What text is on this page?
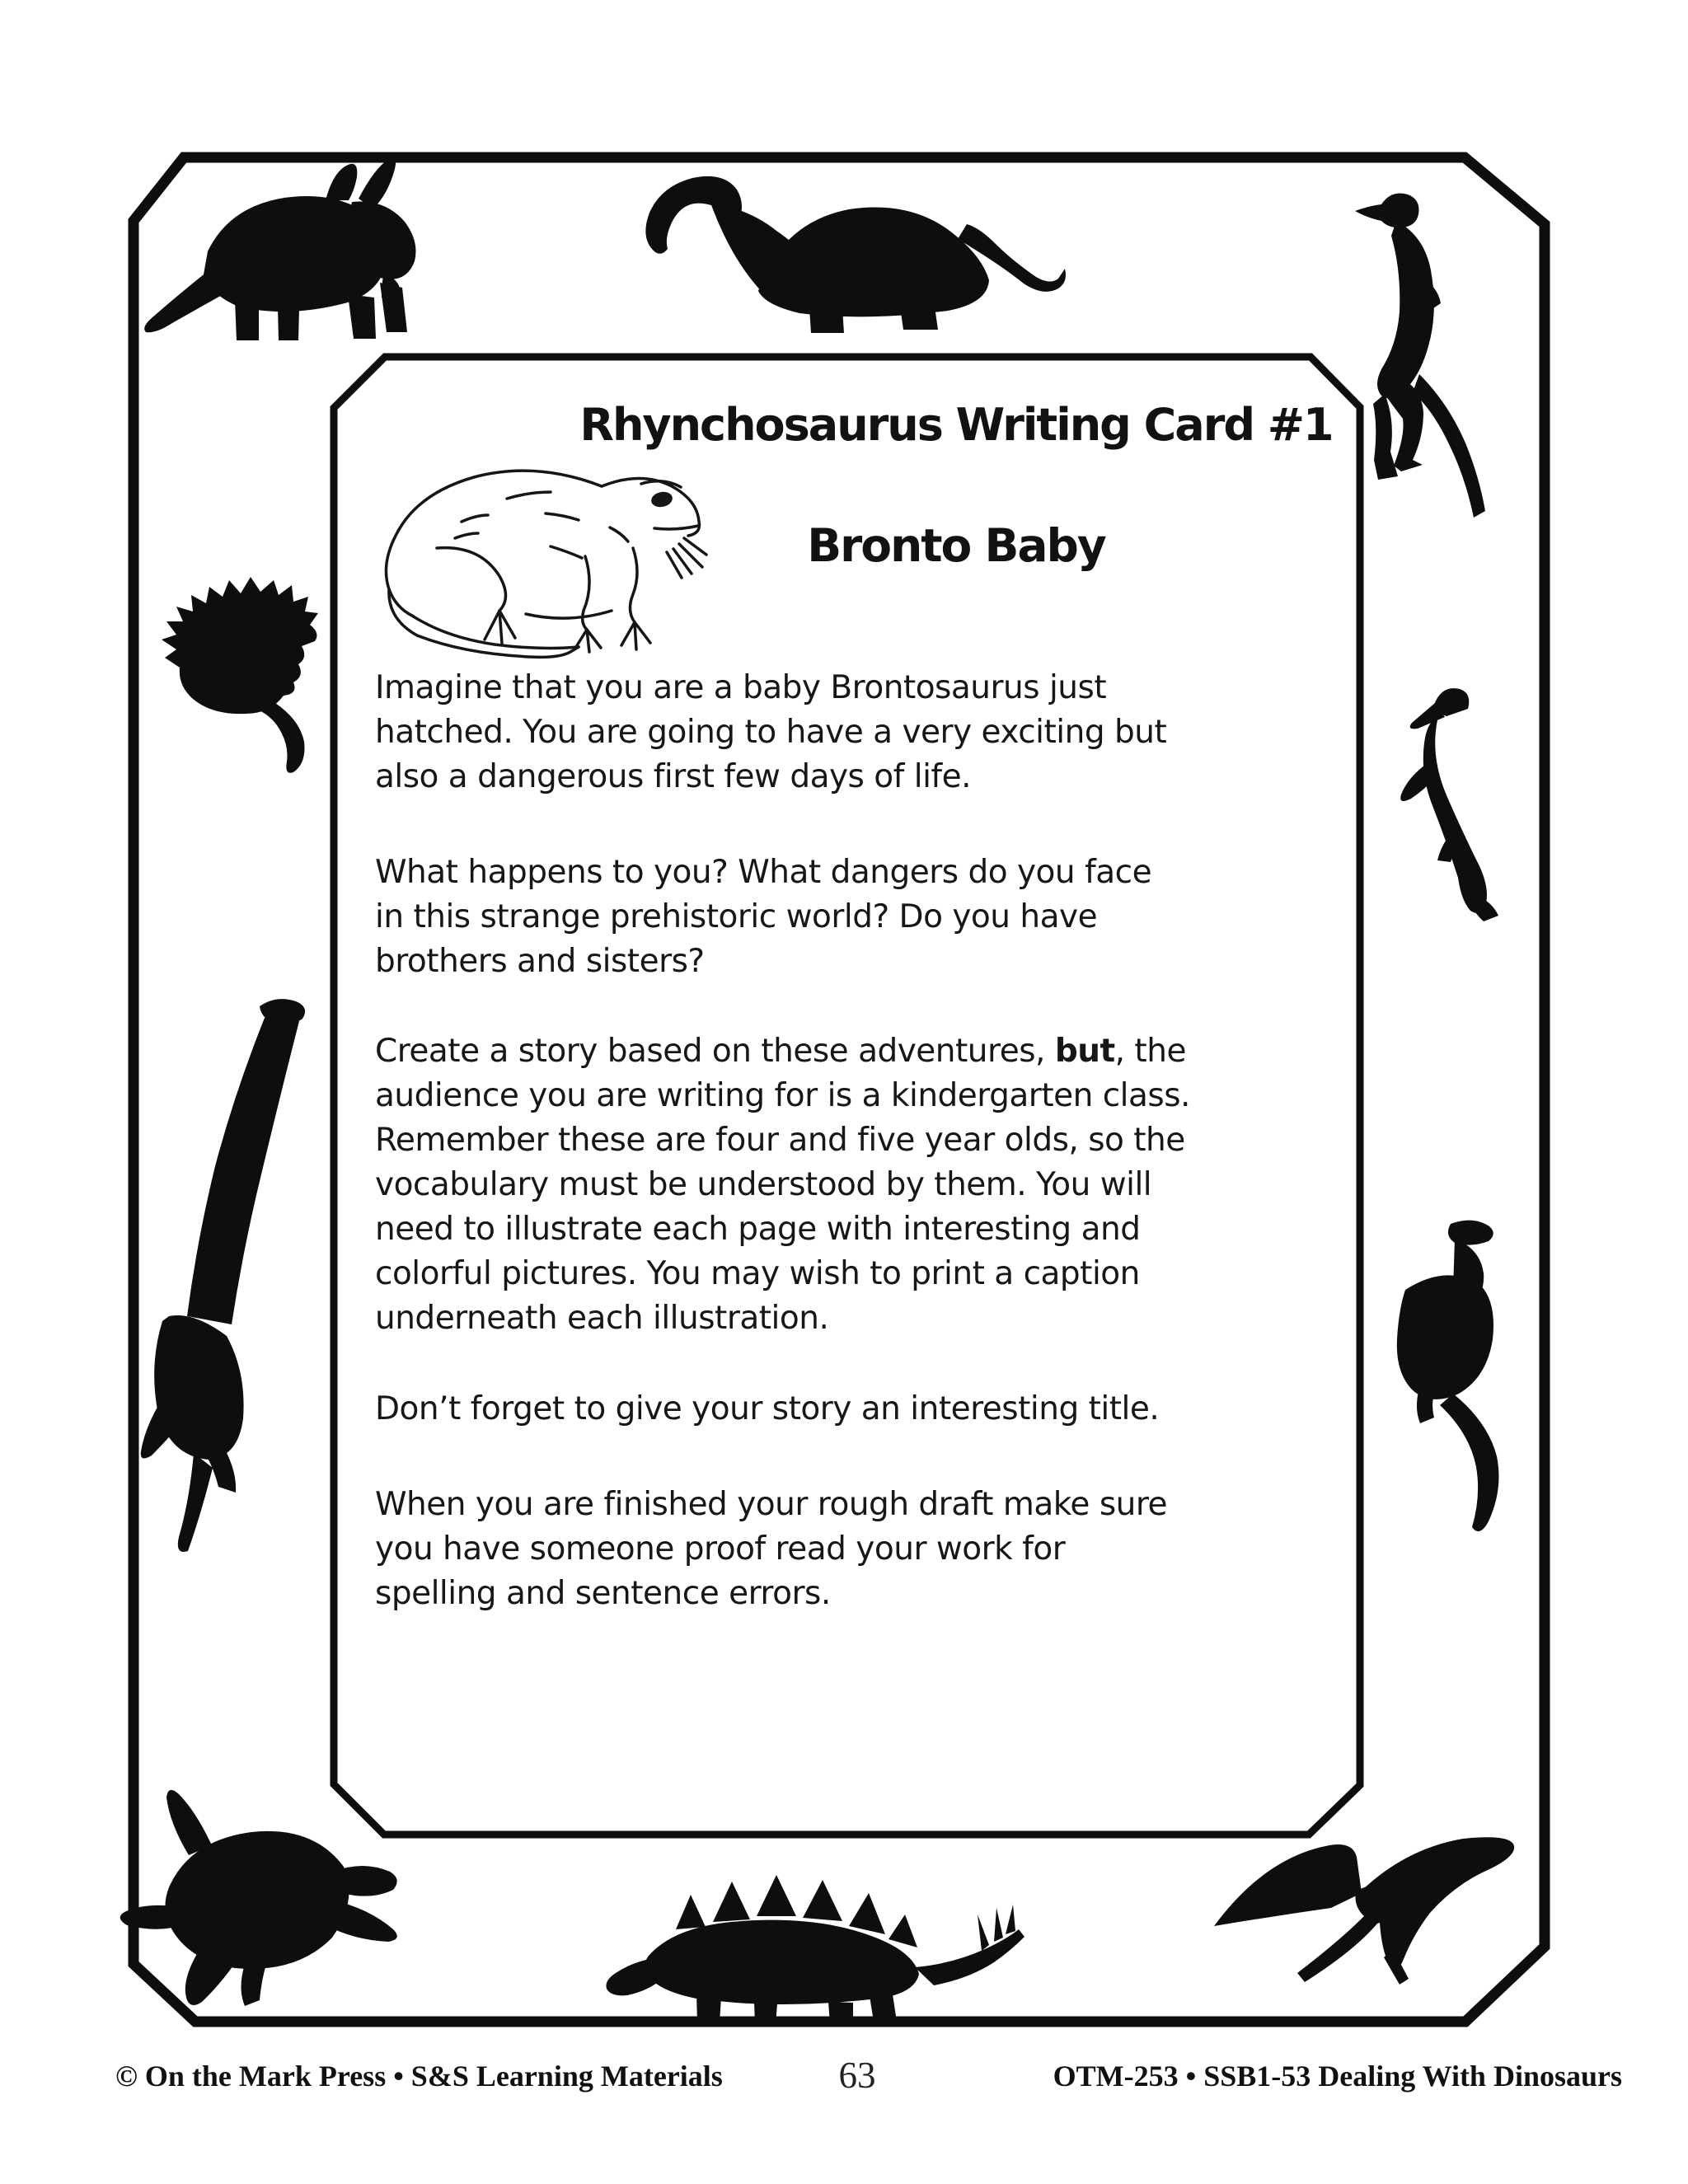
Rhynchosaurus Writing Card #1
Bronto Baby
Imagine that you are a baby Brontosaurus just
hatched. You are going to have a very exciting but
also a dangerous first few days of life.
What happens to you? What dangers do you face
in this strange prehistoric world? Do you have
brothers and sisters?
Create a story based on these adventures, but, the
audience you are writing for is a kindergarten class.
Remember these are four and five year olds, so the
vocabulary must be understood by them. You will
need to illustrate each page with interesting and
colorful pictures. You may wish to print a caption
underneath each illustration.
Don’t forget to give your story an interesting title.
When you are finished your rough draft make sure
you have someone proof read your work for
spelling and sentence errors.
© On the Mark Press • S&S Learning Materials	63	OTM-253 • SSB1-53 Dealing With Dinosaurs
